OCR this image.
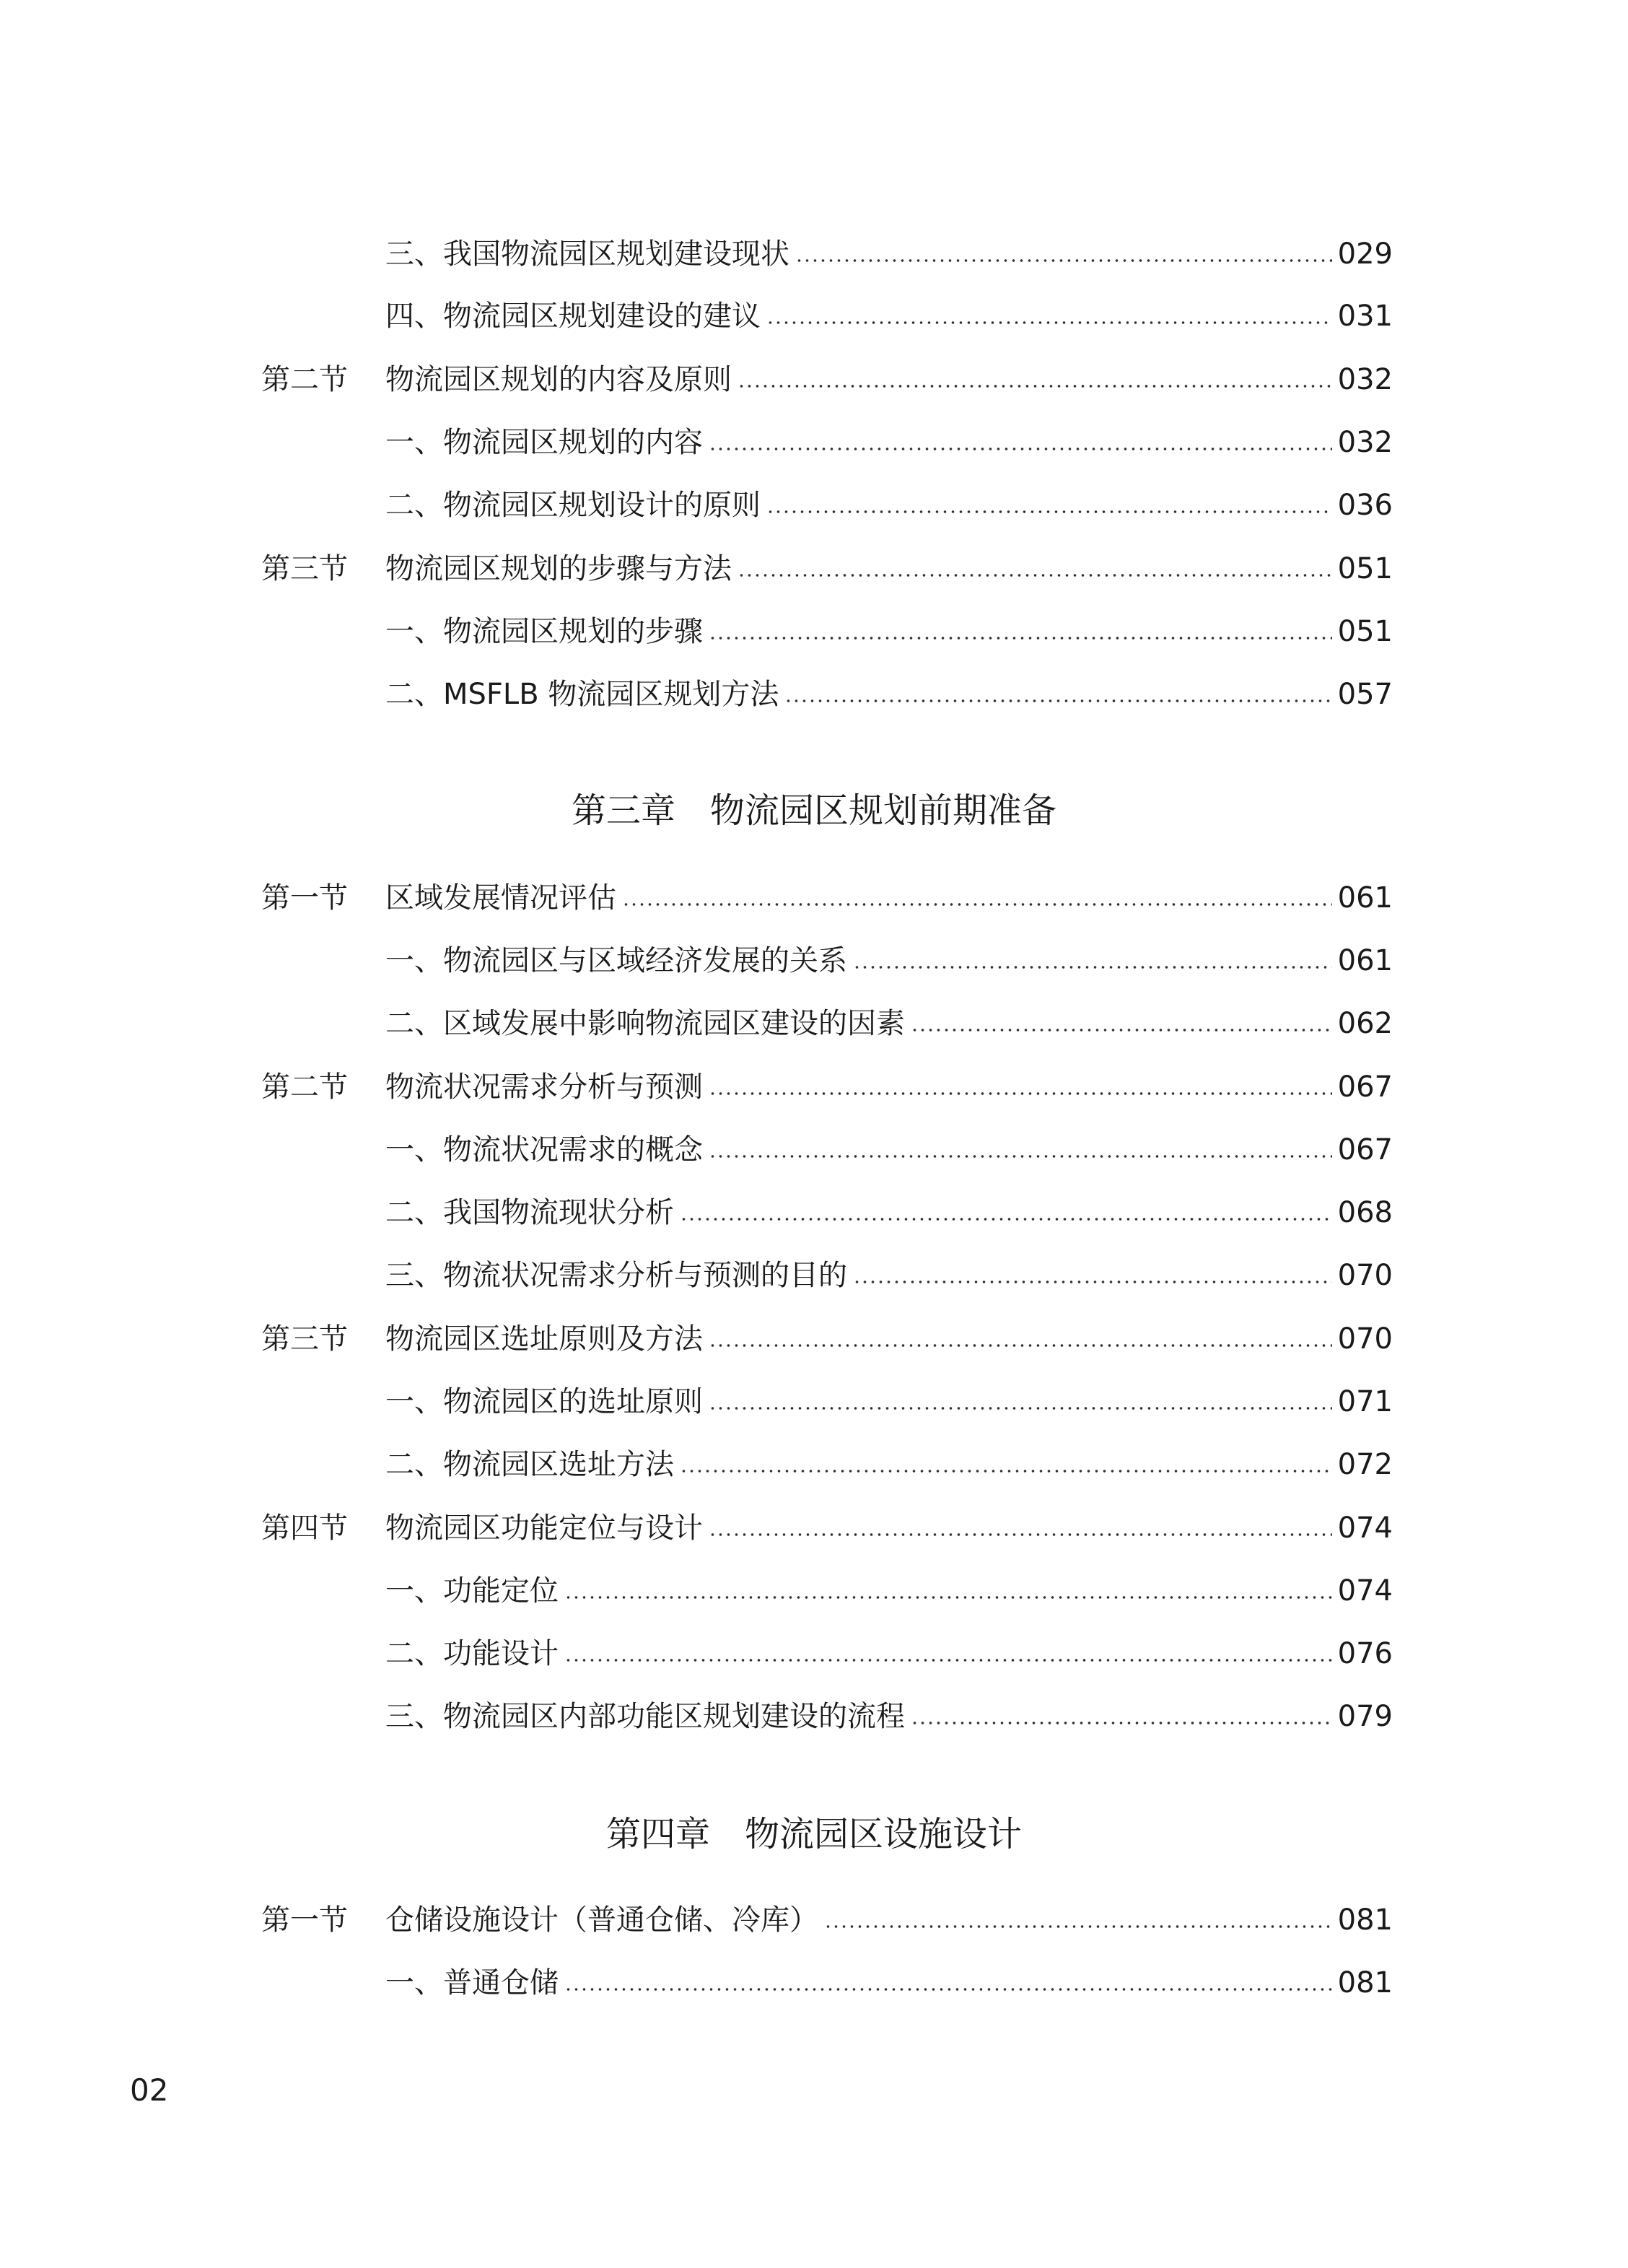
三、我国物流园区规划建设现状	029
四、物流园区规划建设的建议	031
第二节	物流园区规划的内容及原则	032
一、物流园区规划的内容	032
二、物流园区规划设计的原则	036
第三节	物流园区规划的步骤与方法	051
一、物流园区规划的步骤	051
二、MSFLB 物流园区规划方法	057
第三章 物流园区规划前期准备
第一节	区域发展情况评估	061
一、物流园区与区域经济发展的关系	061
二、区域发展中影响物流园区建设的因素	062
第二节	物流状况需求分析与预测	067
一、物流状况需求的概念	067
二、我国物流现状分析	068
三、物流状况需求分析与预测的目的	070
第三节	物流园区选址原则及方法	070
一、物流园区的选址原则	071
二、物流园区选址方法	072
第四节	物流园区功能定位与设计	074
一、功能定位	074
二、功能设计	076
三、物流园区内部功能区规划建设的流程	079
第四章 物流园区设施设计
第一节	仓储设施设计（普通仓储、冷库）	081
一、普通仓储	081
02
